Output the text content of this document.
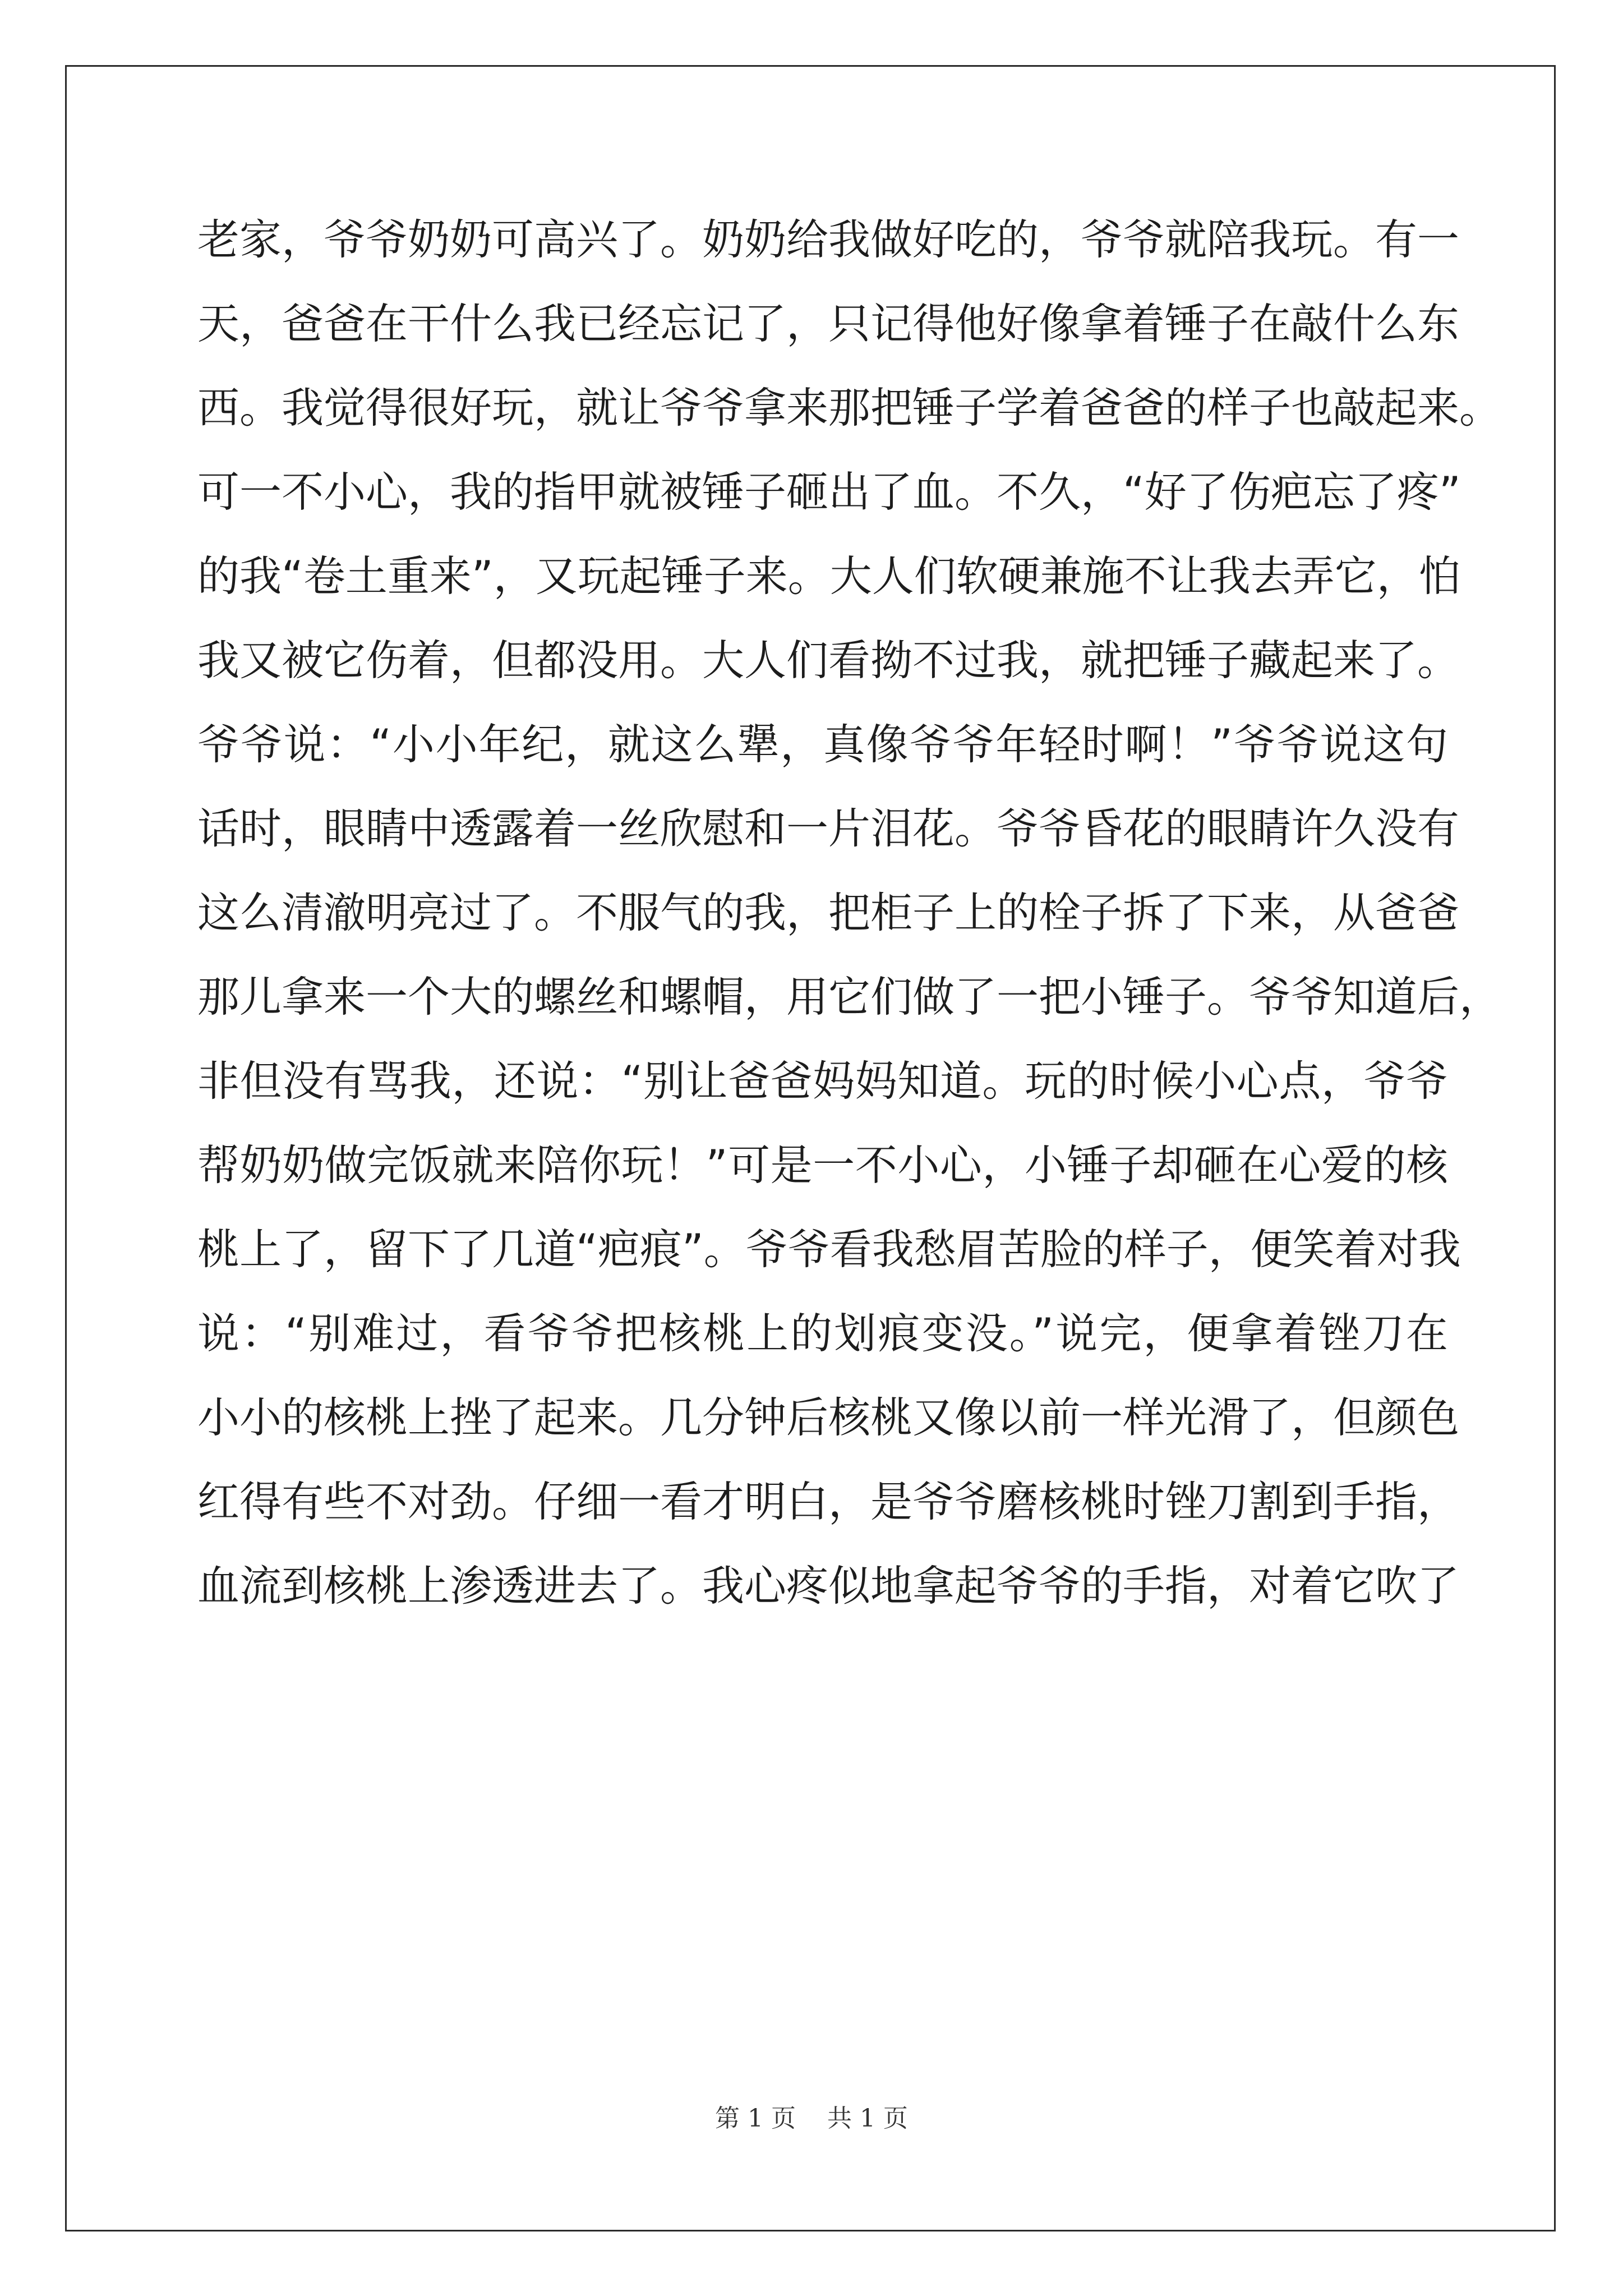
老家，爷爷奶奶可高兴了。奶奶给我做好吃的，爷爷就陪我玩。有一
天，爸爸在干什么我已经忘记了，只记得他好像拿着锤子在敲什么东
西。我觉得很好玩，就让爷爷拿来那把锤子学着爸爸的样子也敲起来。
可一不小心，我的指甲就被锤子砸出了血。不久，“好了伤疤忘了疼”
的我“卷土重来”，又玩起锤子来。大人们软硬兼施不让我去弄它，怕
我又被它伤着，但都没用。大人们看拗不过我，就把锤子藏起来了。
爷爷说：“小小年纪，就这么犟，真像爷爷年轻时啊！”爷爷说这句
话时，眼睛中透露着一丝欣慰和一片泪花。爷爷昏花的眼睛许久没有
这么清澈明亮过了。不服气的我，把柜子上的栓子拆了下来，从爸爸
那儿拿来一个大的螺丝和螺帽，用它们做了一把小锤子。爷爷知道后，
非但没有骂我，还说：“别让爸爸妈妈知道。玩的时候小心点，爷爷
帮奶奶做完饭就来陪你玩！”可是一不小心，小锤子却砸在心爱的核
桃上了，留下了几道“疤痕”。爷爷看我愁眉苦脸的样子，便笑着对我
说：“别难过，看爷爷把核桃上的划痕变没。”说完，便拿着锉刀在
小小的核桃上挫了起来。几分钟后核桃又像以前一样光滑了，但颜色
红得有些不对劲。仔细一看才明白，是爷爷磨核桃时锉刀割到手指，
血流到核桃上渗透进去了。我心疼似地拿起爷爷的手指，对着它吹了
第 1 页    共 1 页
